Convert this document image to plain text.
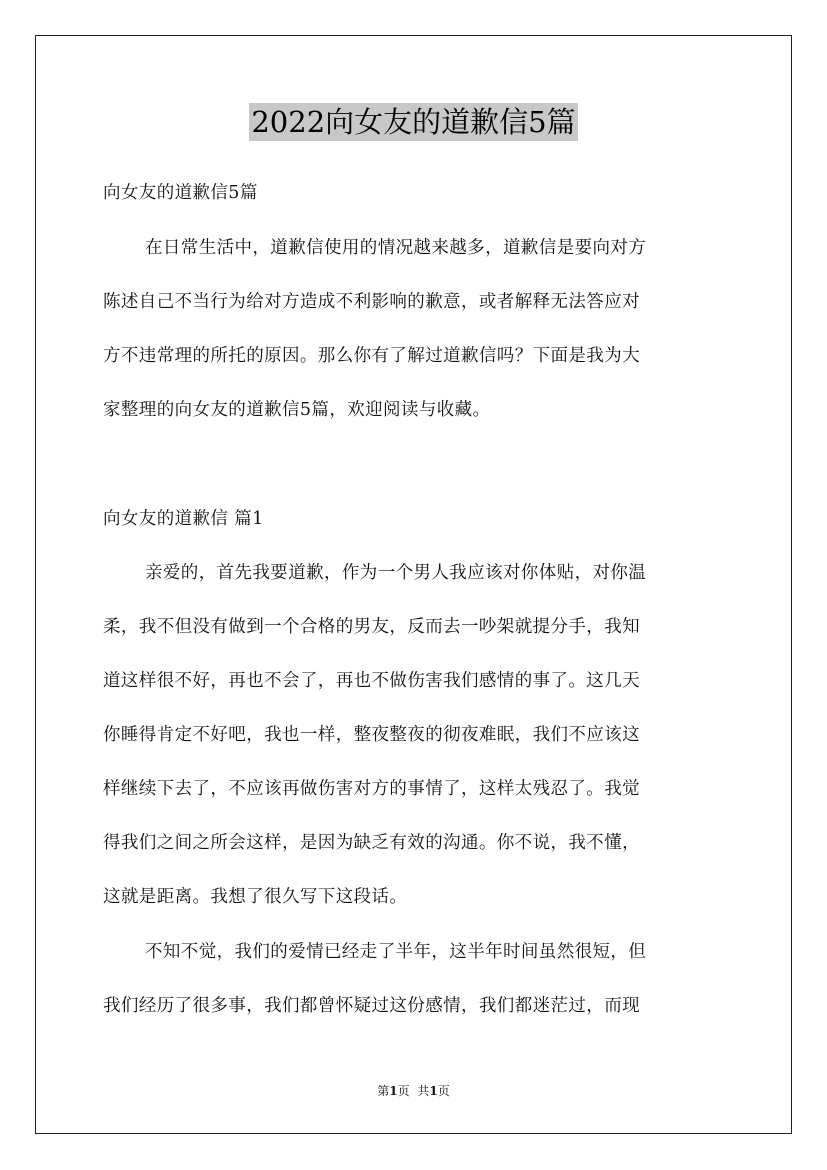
2022向女友的道歉信5篇
向女友的道歉信5篇
在日常生活中，道歉信使用的情况越来越多，道歉信是要向对方
陈述自己不当行为给对方造成不利影响的歉意，或者解释无法答应对
方不违常理的所托的原因。那么你有了解过道歉信吗？下面是我为大
家整理的向女友的道歉信5篇，欢迎阅读与收藏。
向女友的道歉信 篇1
亲爱的，首先我要道歉，作为一个男人我应该对你体贴，对你温
柔，我不但没有做到一个合格的男友，反而去一吵架就提分手，我知
道这样很不好，再也不会了，再也不做伤害我们感情的事了。这几天
你睡得肯定不好吧，我也一样，整夜整夜的彻夜难眠，我们不应该这
样继续下去了，不应该再做伤害对方的事情了，这样太残忍了。我觉
得我们之间之所会这样，是因为缺乏有效的沟通。你不说，我不懂，
这就是距离。我想了很久写下这段话。
不知不觉，我们的爱情已经走了半年，这半年时间虽然很短，但
我们经历了很多事，我们都曾怀疑过这份感情，我们都迷茫过，而现
第1页 共1页
